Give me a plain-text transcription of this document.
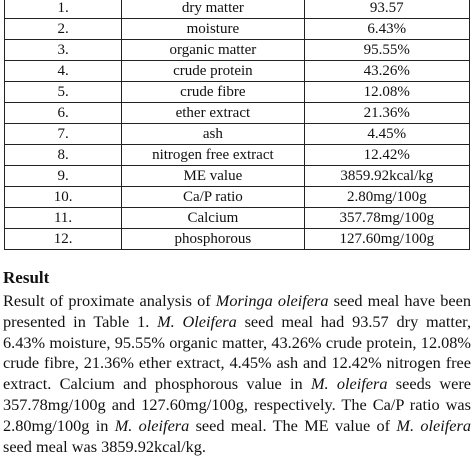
1.	dry matter	93.57
2.	moisture	6.43%
3.	organic matter	95.55%
4.	crude protein	43.26%
5.	crude fibre	12.08%
6.	ether extract	21.36%
7.	ash	4.45%
8.	nitrogen free extract	12.42%
9.	ME value	3859.92kcal/kg
10.	Ca/P ratio	2.80mg/100g
11.	Calcium	357.78mg/100g
12.	phosphorous	127.60mg/100g
Result

Result of proximate analysis of Moringa oleifera seed meal have been presented in Table 1. M. Oleifera seed meal had 93.57 dry matter, 6.43% moisture, 95.55% organic matter, 43.26% crude protein, 12.08% crude fibre, 21.36% ether extract, 4.45% ash and 12.42% nitrogen free extract. Calcium and phosphorous value in M. oleifera seeds were 357.78mg/100g and 127.60mg/100g, respectively. The Ca/P ratio was 2.80mg/100g in M. oleifera seed meal. The ME value of M. oleifera seed meal was 3859.92kcal/kg.
